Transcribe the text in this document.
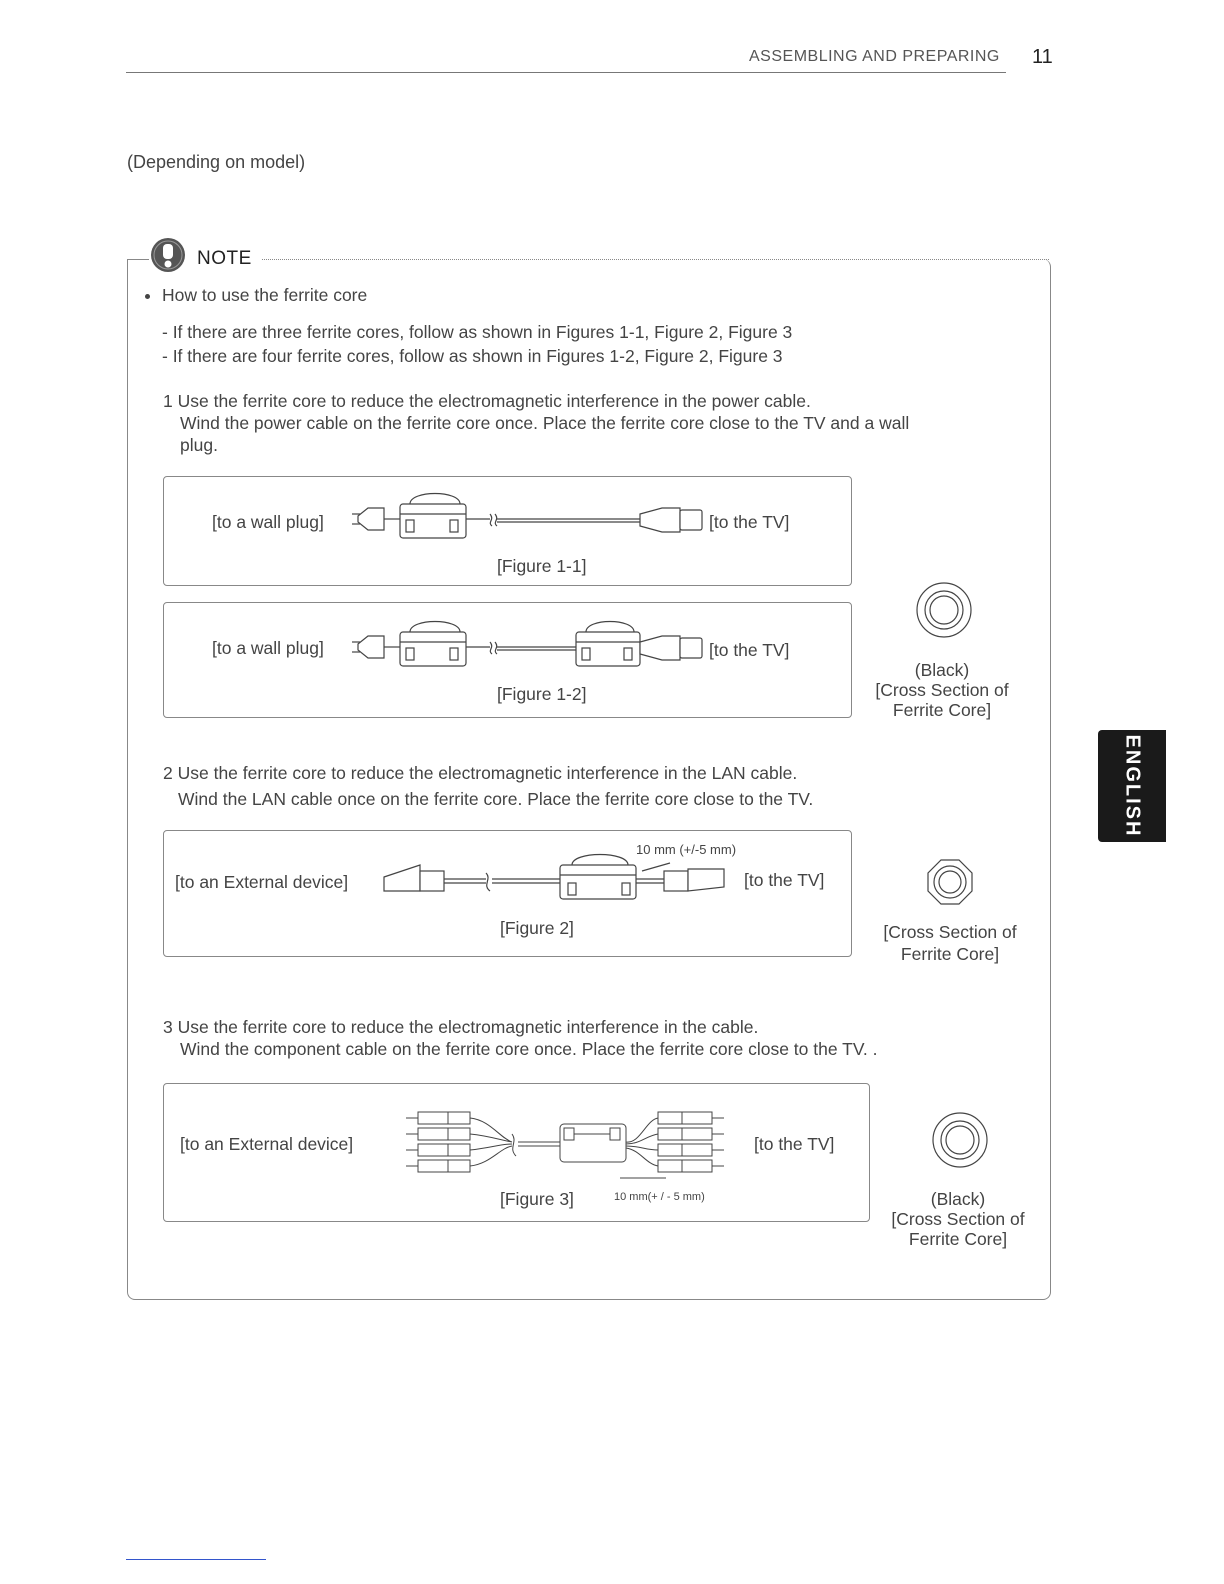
ASSEMBLING AND PREPARING 11
(Depending on model)
NOTE
How to use the ferrite core
- If there are three ferrite cores, follow as shown in Figures 1-1, Figure 2, Figure 3
- If there are four ferrite cores, follow as shown in Figures 1-2, Figure 2, Figure 3
1 Use the ferrite core to reduce the electromagnetic interference in the power cable.
Wind the power cable on the ferrite core once. Place the ferrite core close to the TV and a wall
plug.
[to a wall plug]	[to the TV]
[Figure 1-1]
[to a wall plug]	[to the TV]
[Figure 1-2]
(Black)
[Cross Section of
Ferrite Core]
2 Use the ferrite core to reduce the electromagnetic interference in the LAN cable.
Wind the LAN cable once on the ferrite core. Place the ferrite core close to the TV.
10 mm (+/-5 mm)
[to an External device]	[to the TV]
[Figure 2]	[Cross Section of
Ferrite Core]
3 Use the ferrite core to reduce the electromagnetic interference in the cable.
Wind the component cable on the ferrite core once. Place the ferrite core close to the TV. .
[to an External device]	[to the TV]
[Figure 3]	10 mm(+ / - 5 mm)	(Black)
[Cross Section of
Ferrite Core]
ENGLISH
